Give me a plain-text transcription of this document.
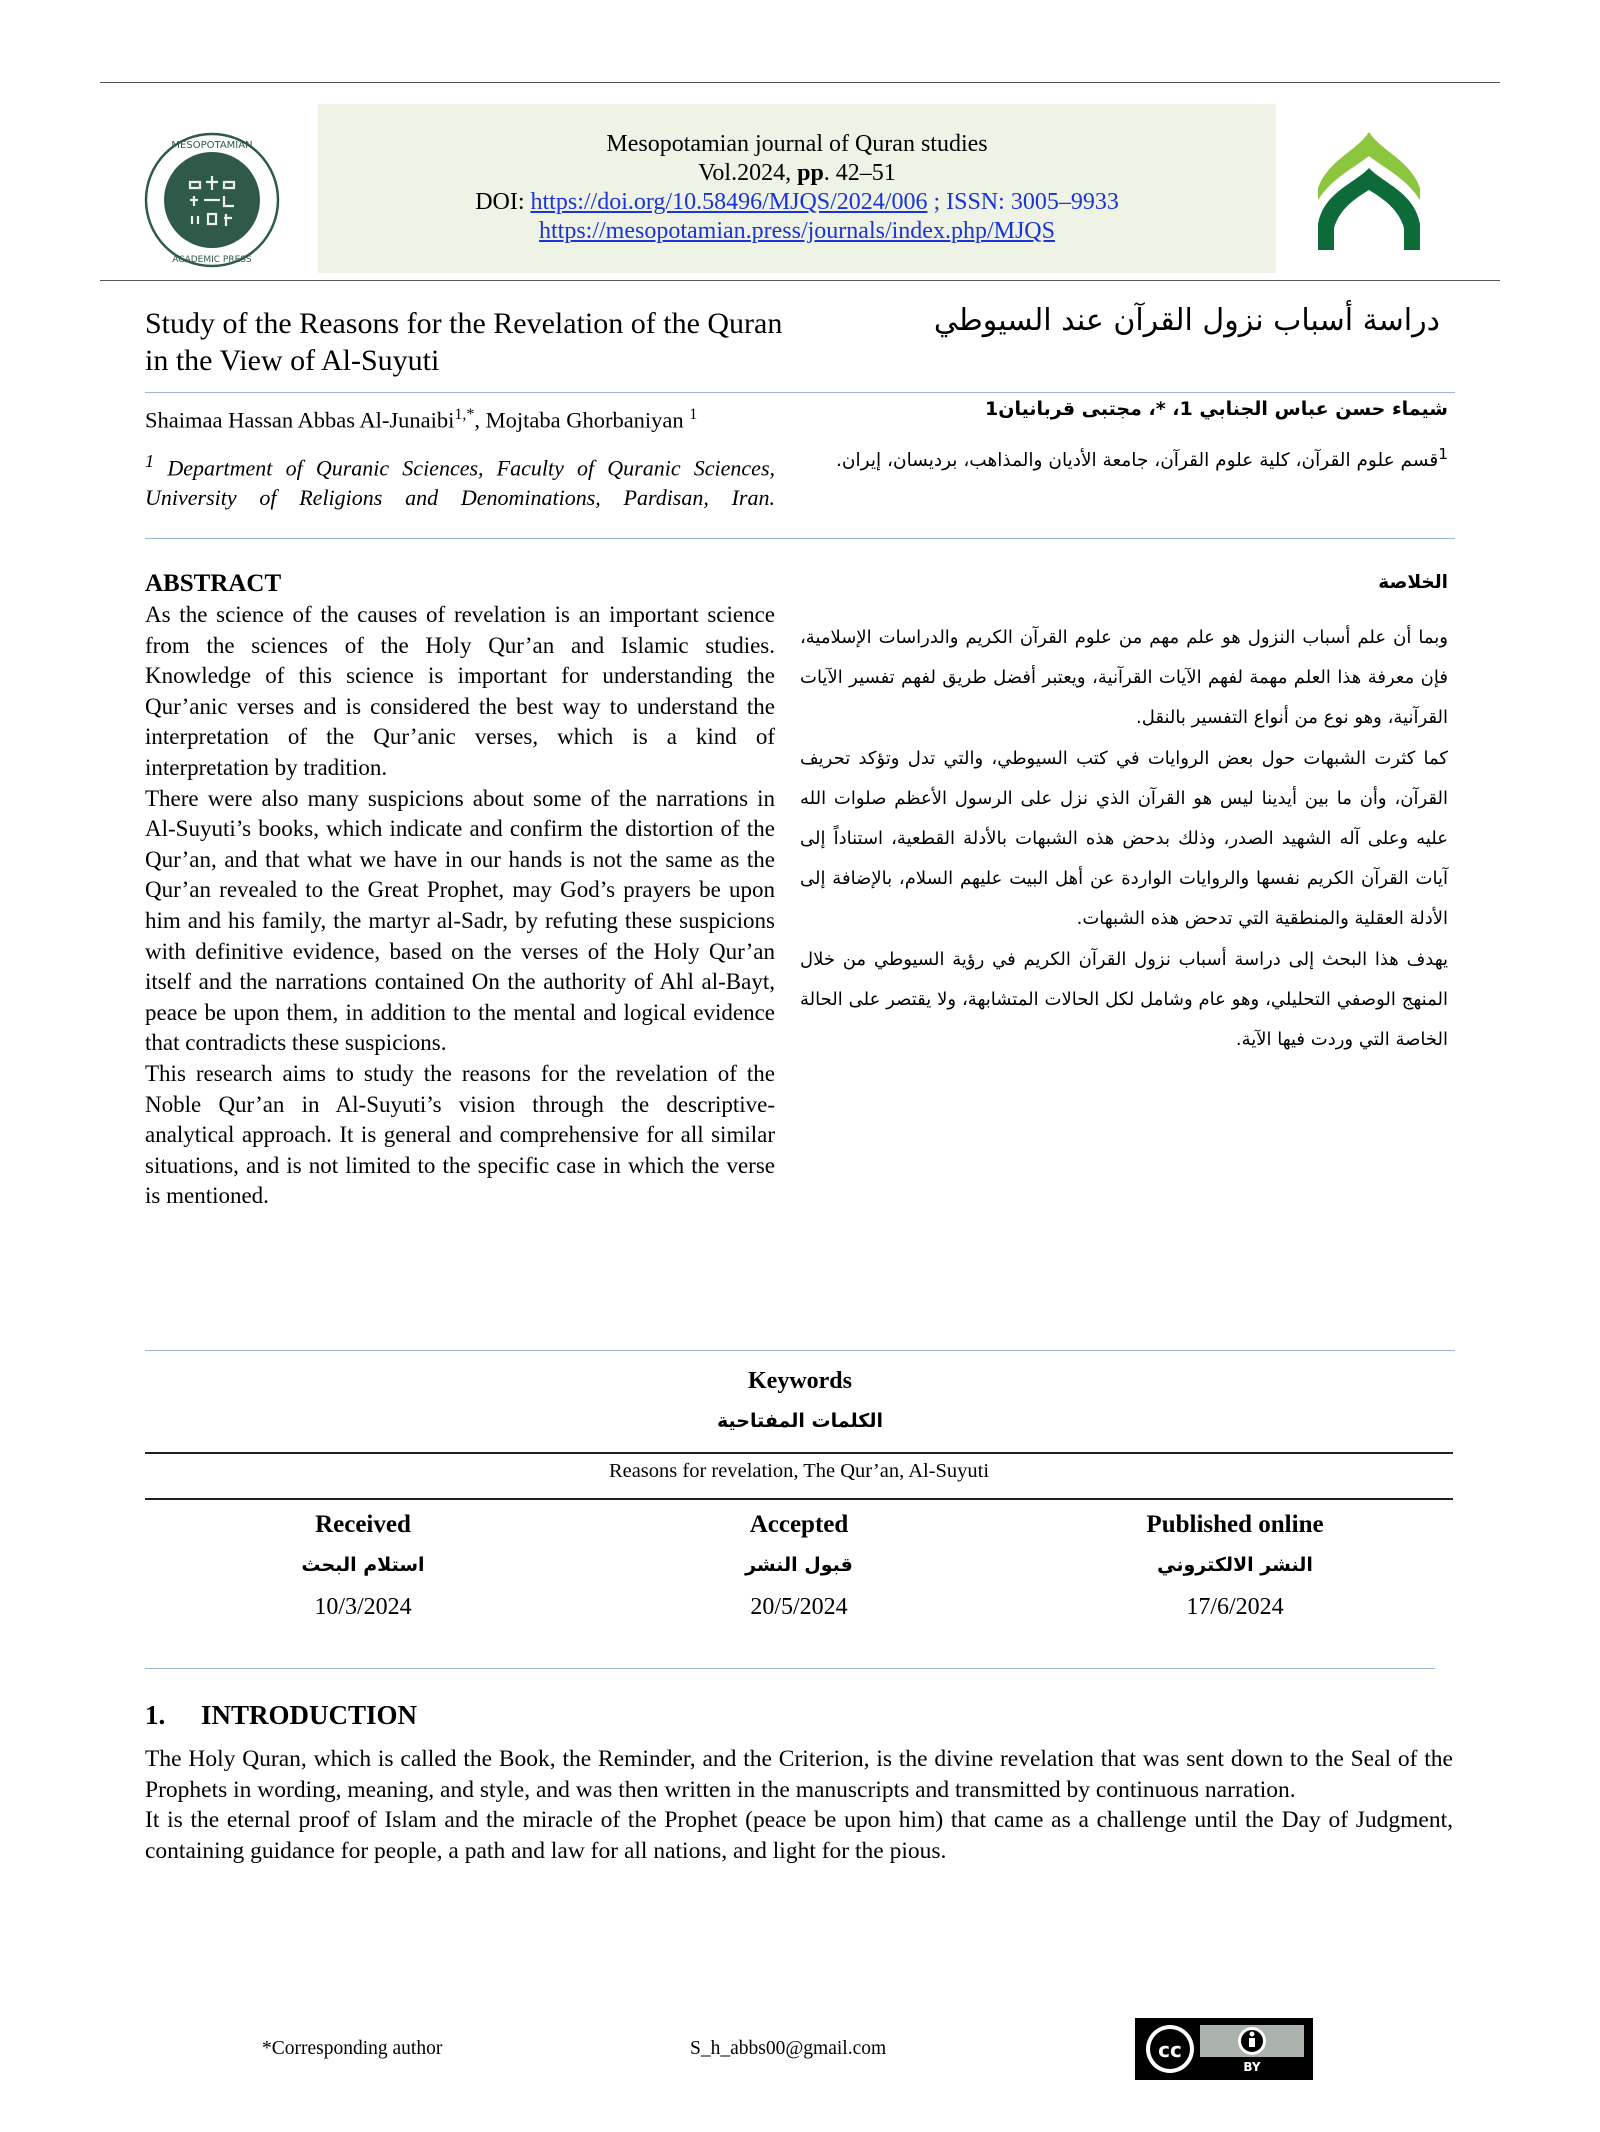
MESOPOTAMIAN
ACADEMIC PRESS
Mesopotamian journal of Quran studies
Vol.2024, pp. 42–51
DOI: https://doi.org/10.58496/MJQS/2024/006 ; ISSN: 3005–9933
https://mesopotamian.press/journals/index.php/MJQS
Study of the Reasons for the Revelation of the Quran in the View of Al-Suyuti
دراسة أسباب نزول القرآن عند السيوطي
Shaimaa Hassan Abbas Al-Junaibi$^{1,*}$, Mojtaba Ghorbaniyan $^1$
$^1$ Department of Quranic Sciences, Faculty of Quranic Sciences, University of Religions and Denominations, Pardisan, Iran.
شيماء حسن عباس الجنابي 1، *، مجتبى قربانيان1
$^1$قسم علوم القرآن، كلية علوم القرآن، جامعة الأديان والمذاهب، برديسان، إيران.
ABSTRACT

As the science of the causes of revelation is an important science from the sciences of the Holy Qur’an and Islamic studies. Knowledge of this science is important for understanding the Qur’anic verses and is considered the best way to understand the interpretation of the Qur’anic verses, which is a kind of interpretation by tradition.

There were also many suspicions about some of the narrations in Al-Suyuti’s books, which indicate and confirm the distortion of the Qur’an, and that what we have in our hands is not the same as the Qur’an revealed to the Great Prophet, may God’s prayers be upon him and his family, the martyr al-Sadr, by refuting these suspicions with definitive evidence, based on the verses of the Holy Qur’an itself and the narrations contained On the authority of Ahl al-Bayt, peace be upon them, in addition to the mental and logical evidence that contradicts these suspicions.

This research aims to study the reasons for the revelation of the Noble Qur’an in Al-Suyuti’s vision through the descriptive-analytical approach. It is general and comprehensive for all similar situations, and is not limited to the specific case in which the verse is mentioned.

الخلاصة

وبما أن علم أسباب النزول هو علم مهم من علوم القرآن الكريم والدراسات الإسلامية، فإن معرفة هذا العلم مهمة لفهم الآيات القرآنية، ويعتبر أفضل طريق لفهم تفسير الآيات القرآنية، وهو نوع من أنواع التفسير بالنقل.

كما كثرت الشبهات حول بعض الروايات في كتب السيوطي، والتي تدل وتؤكد تحريف القرآن، وأن ما بين أيدينا ليس هو القرآن الذي نزل على الرسول الأعظم صلوات الله عليه وعلى آله الشهيد الصدر، وذلك بدحض هذه الشبهات بالأدلة القطعية، استناداً إلى آيات القرآن الكريم نفسها والروايات الواردة عن أهل البيت عليهم السلام، بالإضافة إلى الأدلة العقلية والمنطقية التي تدحض هذه الشبهات.

يهدف هذا البحث إلى دراسة أسباب نزول القرآن الكريم في رؤية السيوطي من خلال المنهج الوصفي التحليلي، وهو عام وشامل لكل الحالات المتشابهة، ولا يقتصر على الحالة الخاصة التي وردت فيها الآية.

Keywords
الكلمات المفتاحية
Reasons for revelation, The Qur’an, Al-Suyuti
Received
استلام البحث
10/3/2024
Accepted
قبول النشر
20/5/2024
Published online
النشر الالكتروني
17/6/2024
1. INTRODUCTION

The Holy Quran, which is called the Book, the Reminder, and the Criterion, is the divine revelation that was sent down to the Seal of the Prophets in wording, meaning, and style, and was then written in the manuscripts and transmitted by continuous narration.

It is the eternal proof of Islam and the miracle of the Prophet (peace be upon him) that came as a challenge until the Day of Judgment, containing guidance for people, a path and law for all nations, and light for the pious.

*Corresponding author	S_h_abbs00@gmail.com	cc
BY
